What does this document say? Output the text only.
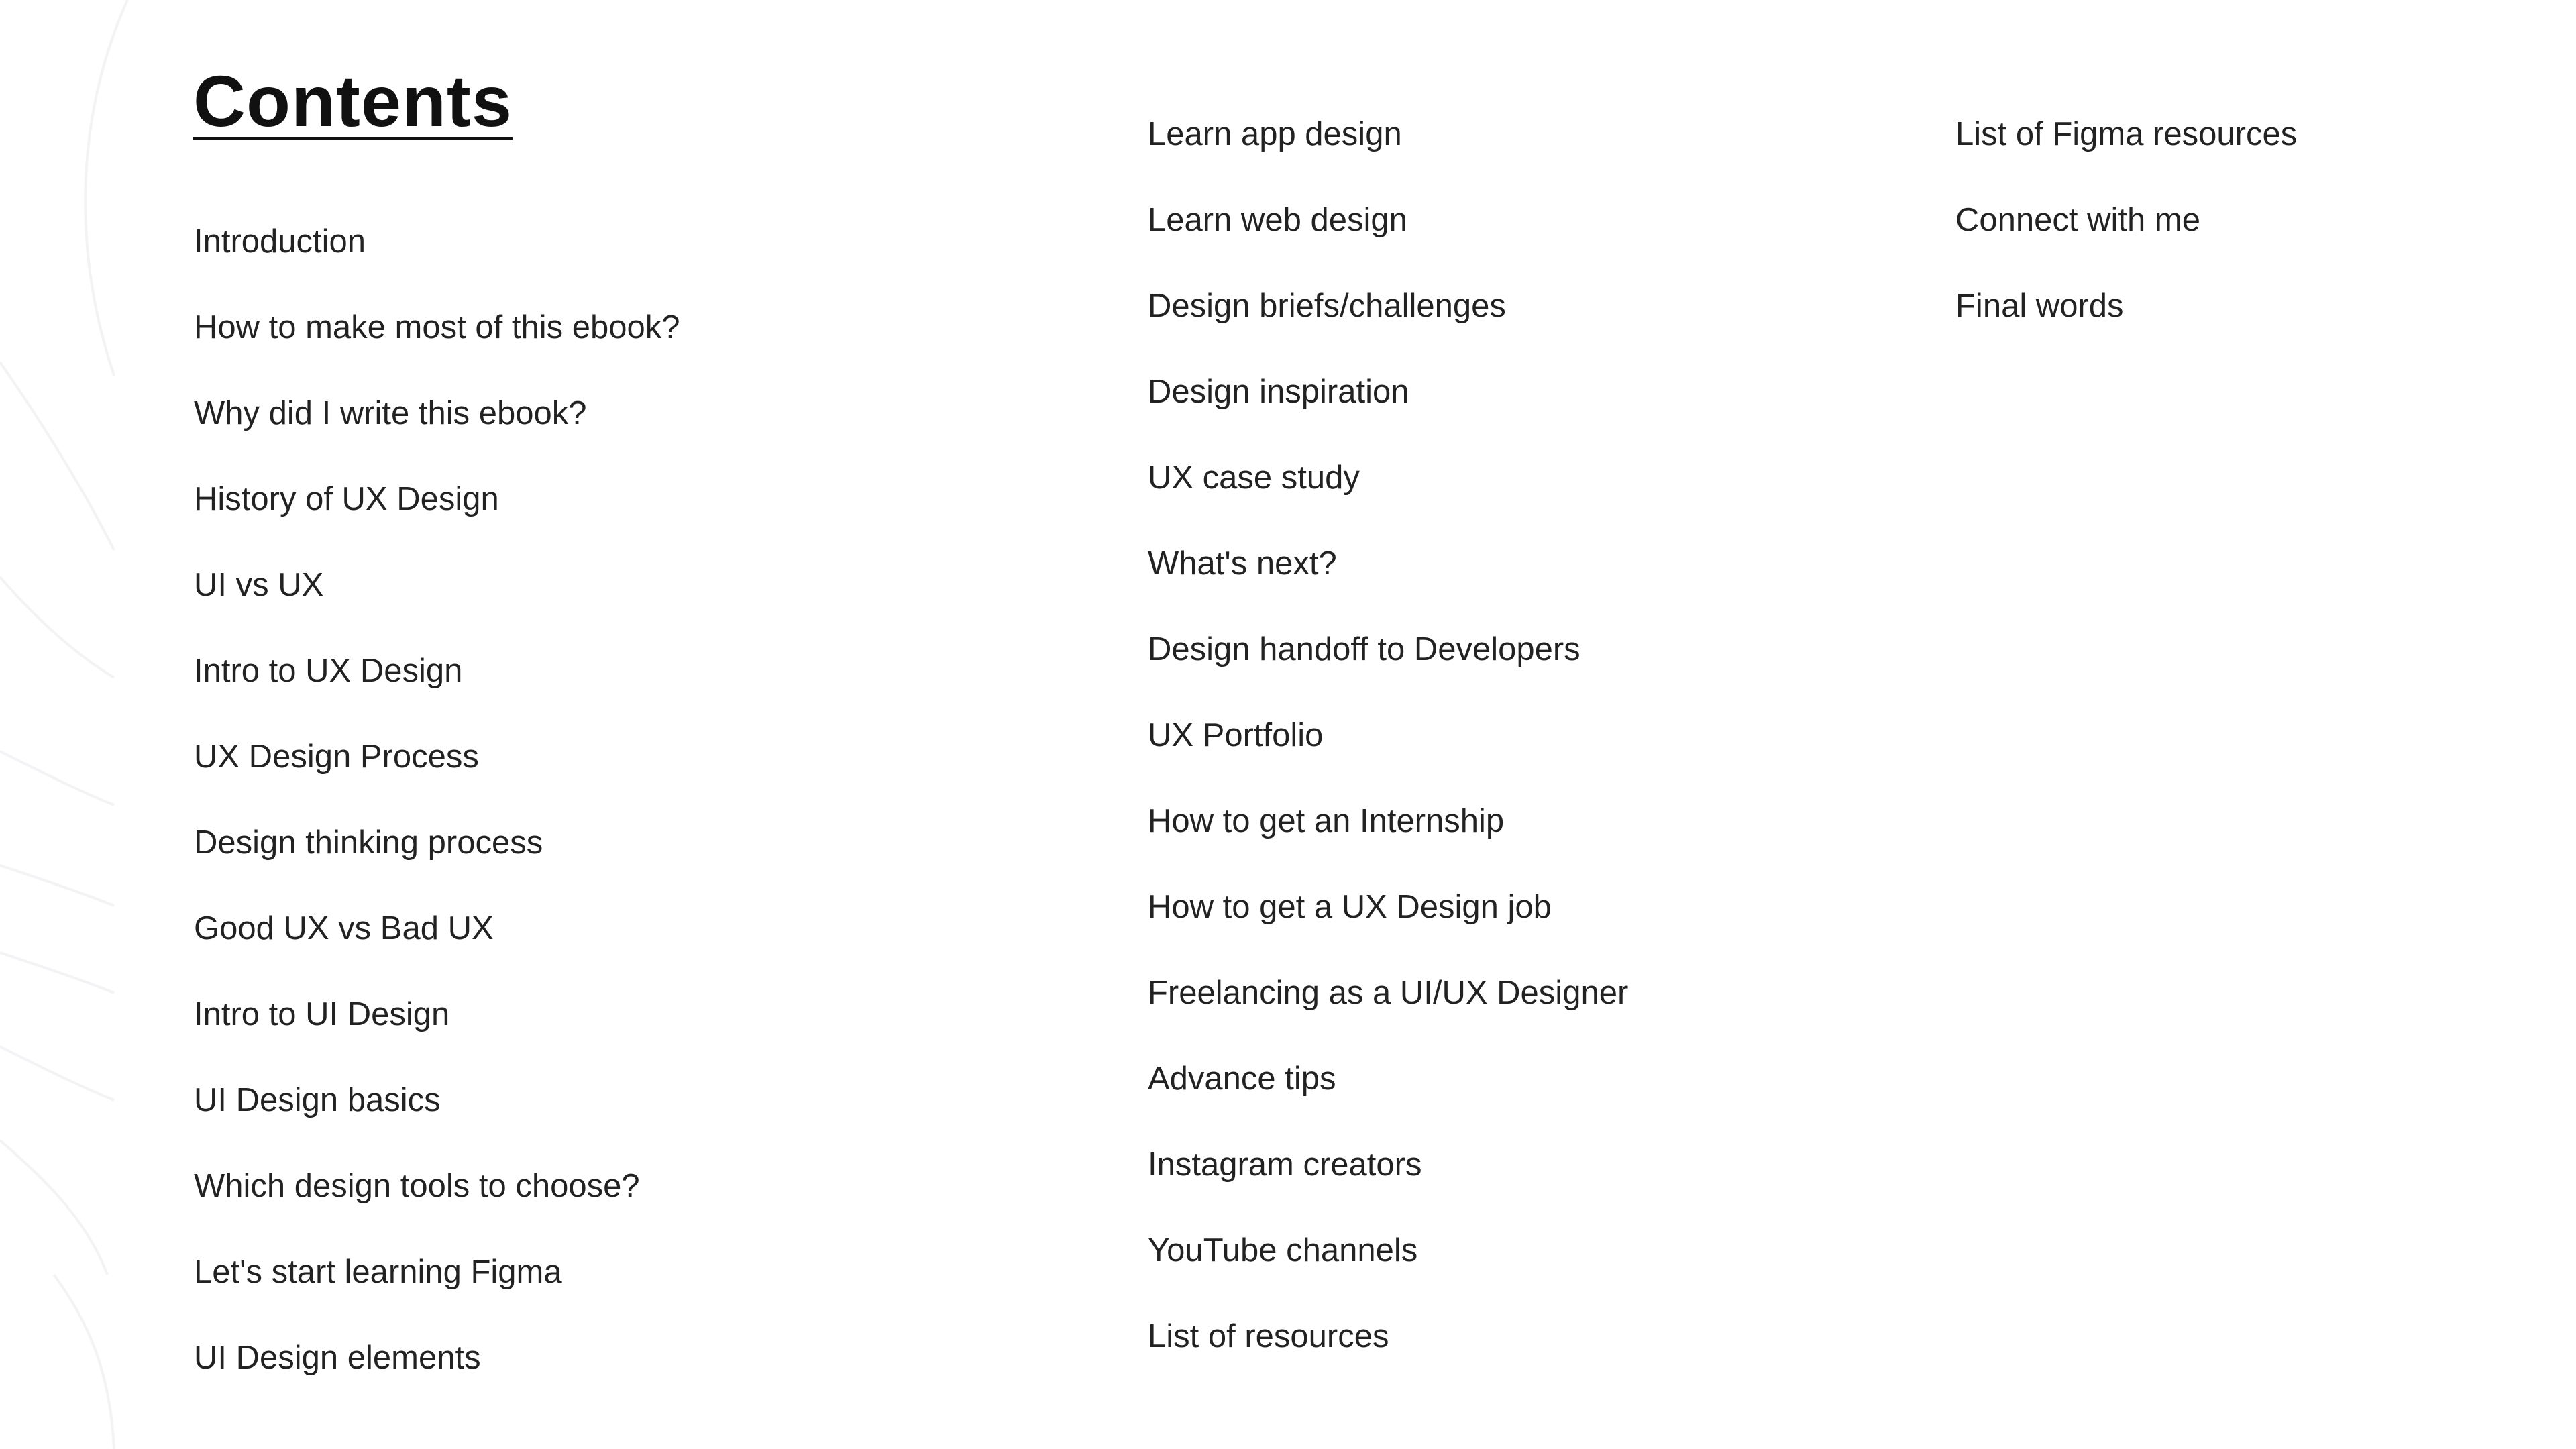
Contents
Introduction
How to make most of this ebook?
Why did I write this ebook?
History of UX Design
UI vs UX
Intro to UX Design
UX Design Process
Design thinking process
Good UX vs Bad UX
Intro to UI Design
UI Design basics
Which design tools to choose?
Let's start learning Figma
UI Design elements
Learn app design
Learn web design
Design briefs/challenges
Design inspiration
UX case study
What's next?
Design handoff to Developers
UX Portfolio
How to get an Internship
How to get a UX Design job
Freelancing as a UI/UX Designer
Advance tips
Instagram creators
YouTube channels
List of resources
List of Figma resources
Connect with me
Final words
